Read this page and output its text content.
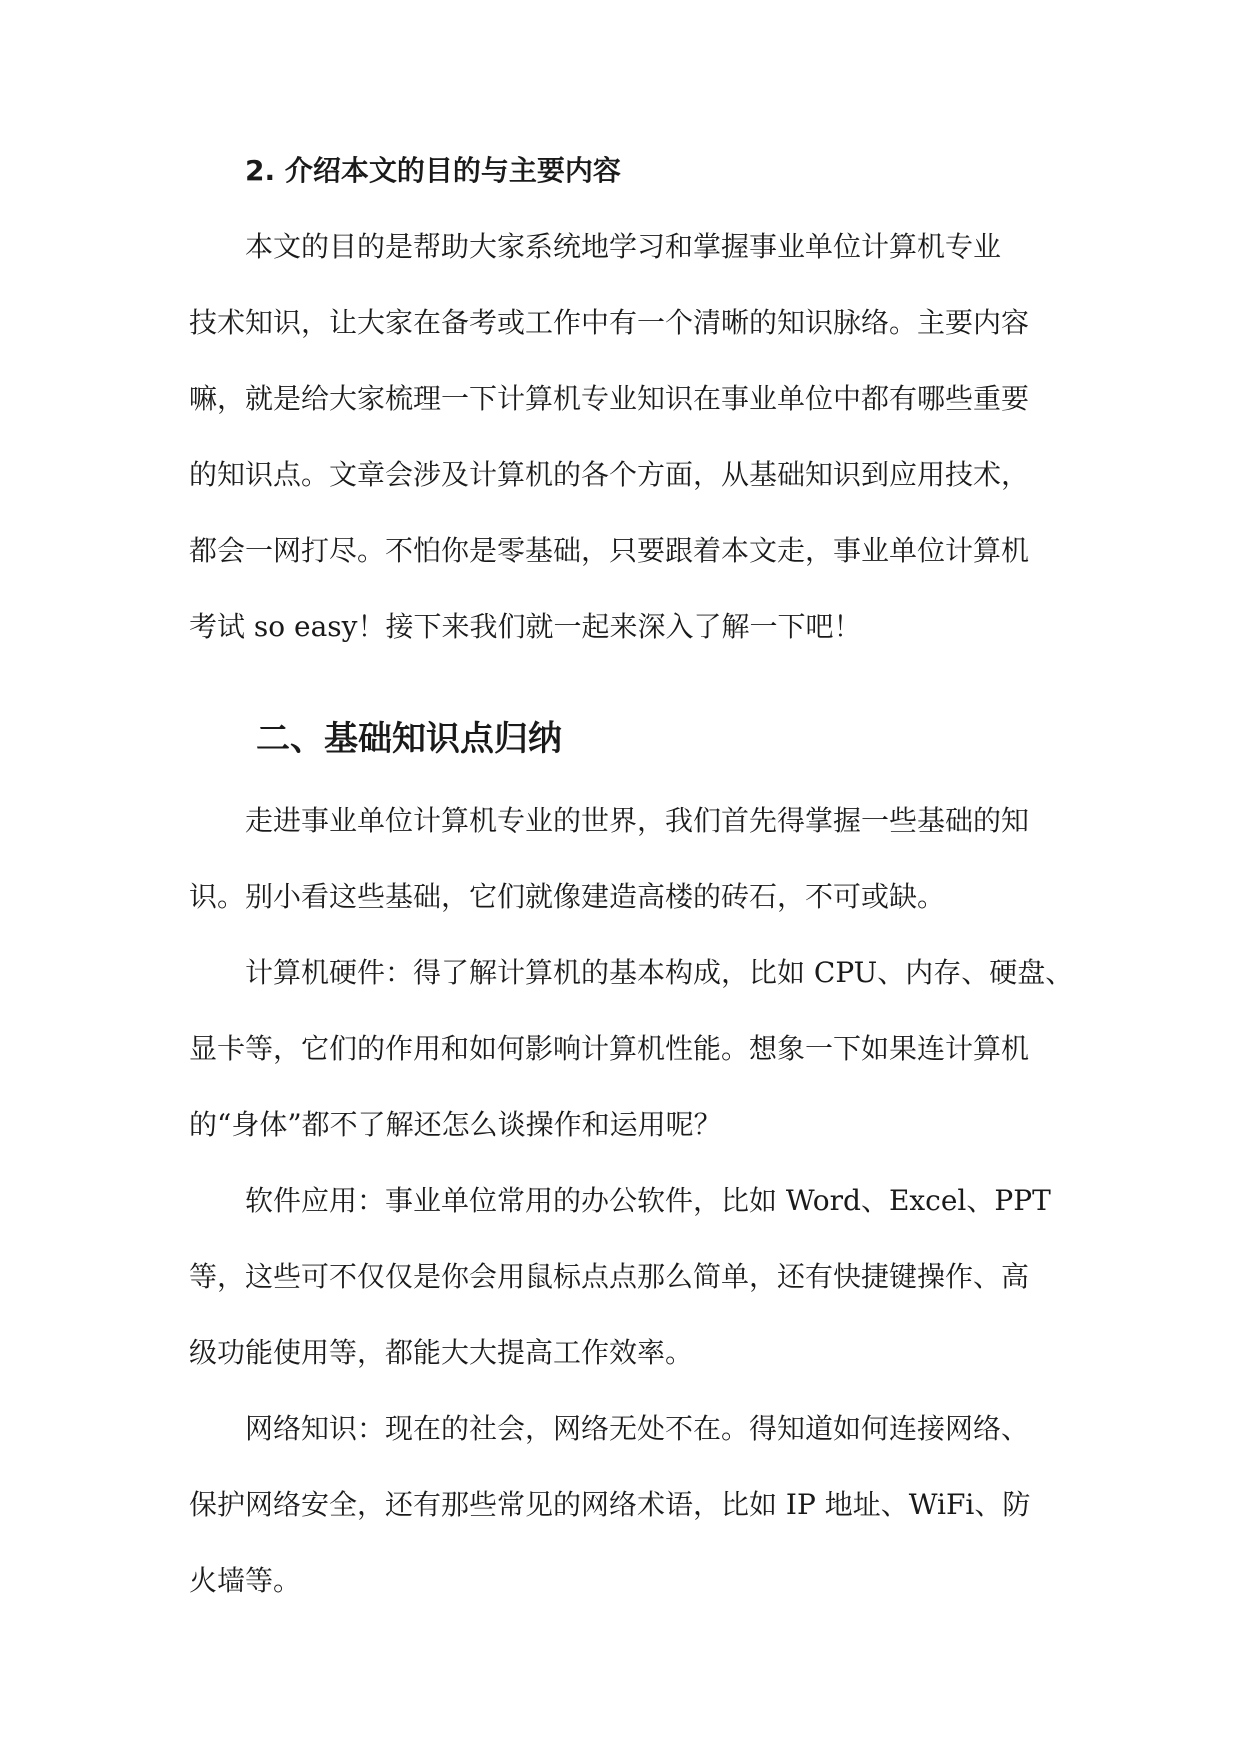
2. 介绍本文的目的与主要内容
本文的目的是帮助大家系统地学习和掌握事业单位计算机专业
技术知识，让大家在备考或工作中有一个清晰的知识脉络。主要内容
嘛，就是给大家梳理一下计算机专业知识在事业单位中都有哪些重要
的知识点。文章会涉及计算机的各个方面，从基础知识到应用技术，
都会一网打尽。不怕你是零基础，只要跟着本文走，事业单位计算机
考试 so easy！接下来我们就一起来深入了解一下吧！
二、基础知识点归纳
走进事业单位计算机专业的世界，我们首先得掌握一些基础的知
识。别小看这些基础，它们就像建造高楼的砖石，不可或缺。
计算机硬件：得了解计算机的基本构成，比如 CPU、内存、硬盘、
显卡等，它们的作用和如何影响计算机性能。想象一下如果连计算机
的“身体”都不了解还怎么谈操作和运用呢？
软件应用：事业单位常用的办公软件，比如 Word、Excel、PPT
等，这些可不仅仅是你会用鼠标点点那么简单，还有快捷键操作、高
级功能使用等，都能大大提高工作效率。
网络知识：现在的社会，网络无处不在。得知道如何连接网络、
保护网络安全，还有那些常见的网络术语，比如 IP 地址、WiFi、防
火墙等。
